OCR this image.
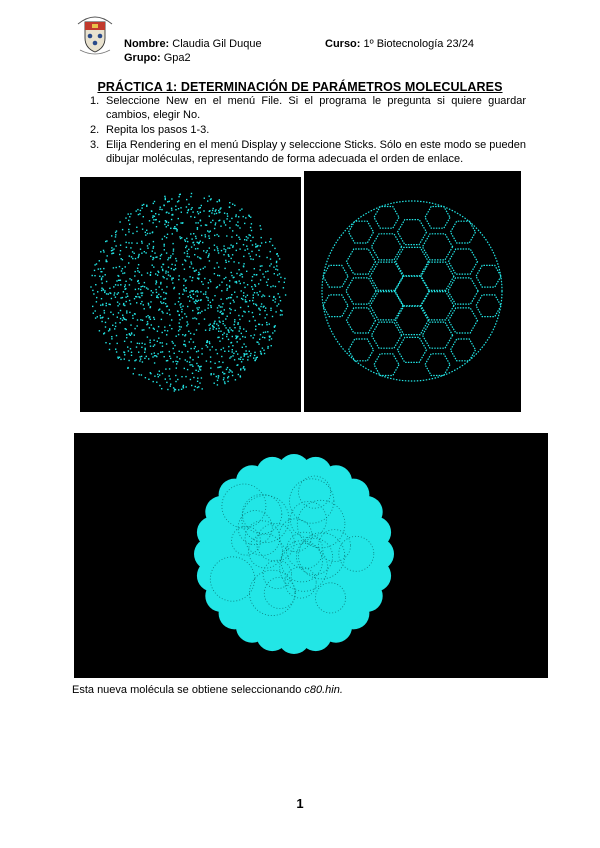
Nombre: Claudia Gil Duque	Curso: 1º Biotecnología 23/24
Grupo: Gpa2
PRÁCTICA 1: DETERMINACIÓN DE PARÁMETROS MOLECULARES
1. Seleccione New en el menú File. Si el programa le pregunta si quiere guardar cambios, elegir No.
2. Repita los pasos 1-3.
3. Elija Rendering en el menú Display y seleccione Sticks. Sólo en este modo se pueden dibujar moléculas, representando de forma adecuada el orden de enlace.
Esta nueva molécula se obtiene seleccionando c80.hin.
1
